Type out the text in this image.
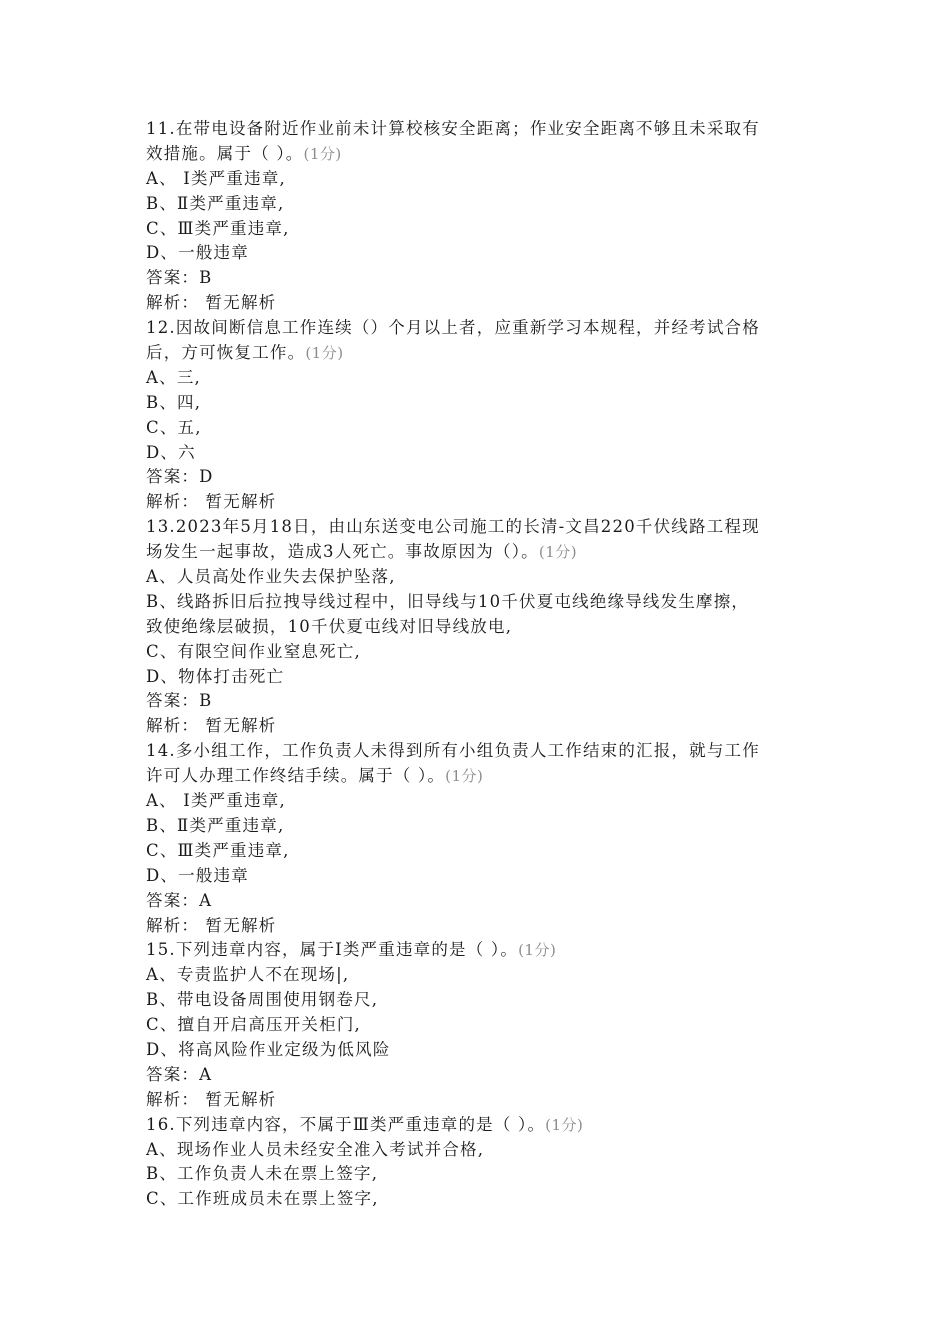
11.在带电设备附近作业前未计算校核安全距离；作业安全距离不够且未采取有
效措施。属于（ ）。(1分)
A、 Ⅰ类严重违章,
B、Ⅱ类严重违章,
C、Ⅲ类严重违章,
D、一般违章
答案：B
解析： 暂无解析
12.因故间断信息工作连续（）个月以上者，应重新学习本规程，并经考试合格
后，方可恢复工作。(1分)
A、三,
B、四,
C、五,
D、六
答案：D
解析： 暂无解析
13.2023年5月18日，由山东送变电公司施工的长清-文昌220千伏线路工程现
场发生一起事故，造成3人死亡。事故原因为（）。(1分)
A、人员高处作业失去保护坠落,
B、线路拆旧后拉拽导线过程中，旧导线与10千伏夏屯线绝缘导线发生摩擦，
致使绝缘层破损，10千伏夏屯线对旧导线放电,
C、有限空间作业窒息死亡,
D、物体打击死亡
答案：B
解析： 暂无解析
14.多小组工作，工作负责人未得到所有小组负责人工作结束的汇报，就与工作
许可人办理工作终结手续。属于（ ）。(1分)
A、 Ⅰ类严重违章,
B、Ⅱ类严重违章,
C、Ⅲ类严重违章,
D、一般违章
答案：A
解析： 暂无解析
15.下列违章内容，属于Ⅰ类严重违章的是（ ）。(1分)
A、专责监护人不在现场|,
B、带电设备周围使用钢卷尺,
C、擅自开启高压开关柜门,
D、将高风险作业定级为低风险
答案：A
解析： 暂无解析
16.下列违章内容，不属于Ⅲ类严重违章的是（ ）。(1分)
A、现场作业人员未经安全准入考试并合格,
B、工作负责人未在票上签字,
C、工作班成员未在票上签字,
